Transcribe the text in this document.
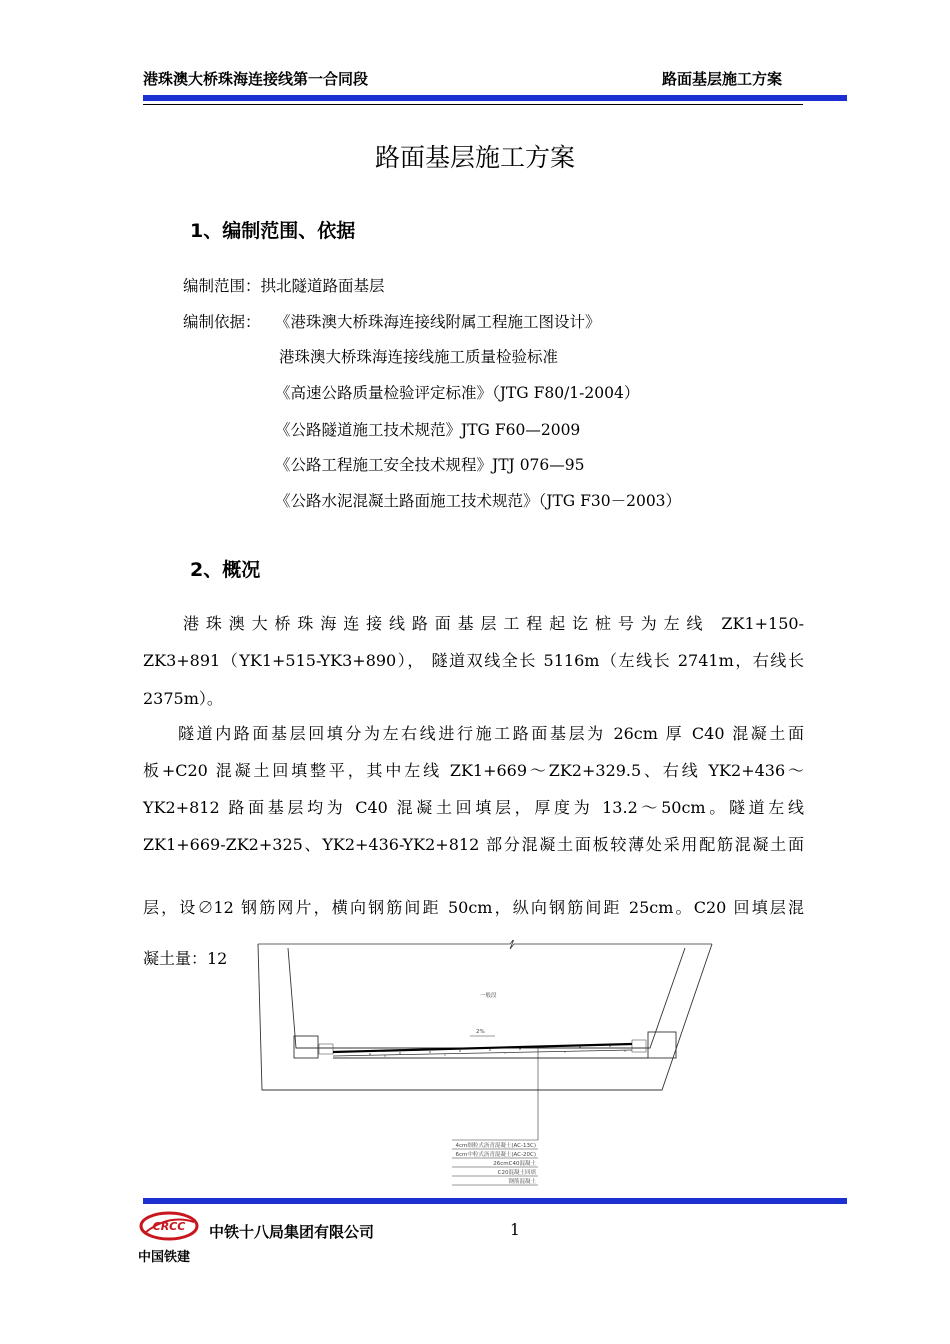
港珠澳大桥珠海连接线第一合同段	路面基层施工方案
路面基层施工方案
1、编制范围、依据
编制范围：拱北隧道路面基层
编制依据： 《港珠澳大桥珠海连接线附属工程施工图设计》
港珠澳大桥珠海连接线施工质量检验标准
《高速公路质量检验评定标准》（JTG F80/1-2004）
《公路隧道施工技术规范》JTG F60—2009
《公路工程施工安全技术规程》JTJ 076—95
《公路水泥混凝土路面施工技术规范》（JTG F30－2003）
2、概况
港珠澳大桥珠海连接线路面基层工程起讫桩号为左线 ZK1+150-
ZK3+891（YK1+515-YK3+890）， 隧道双线全长 5116m（左线长 2741m，右线长
2375m）。
隧道内路面基层回填分为左右线进行施工路面基层为 26cm 厚 C40 混凝土面
板+C20 混凝土回填整平，其中左线 ZK1+669～ZK2+329.5、右线 YK2+436～
YK2+812 路面基层均为 C40 混凝土回填层，厚度为 13.2～50cm。隧道左线
ZK1+669-ZK2+325、YK2+436-YK2+812 部分混凝土面板较薄处采用配筋混凝土面
层，设∅12 钢筋网片，横向钢筋间距 50cm，纵向钢筋间距 25cm。C20 回填层混
凝土量：12
一般段
2%
4cm细粒式沥青混凝土(AC-13C)
6cm中粒式沥青混凝土(AC-20C)
26cmC40混凝土
C20混凝土回填
钢筋混凝土
CRCC
中国铁建
中铁十八局集团有限公司	1
